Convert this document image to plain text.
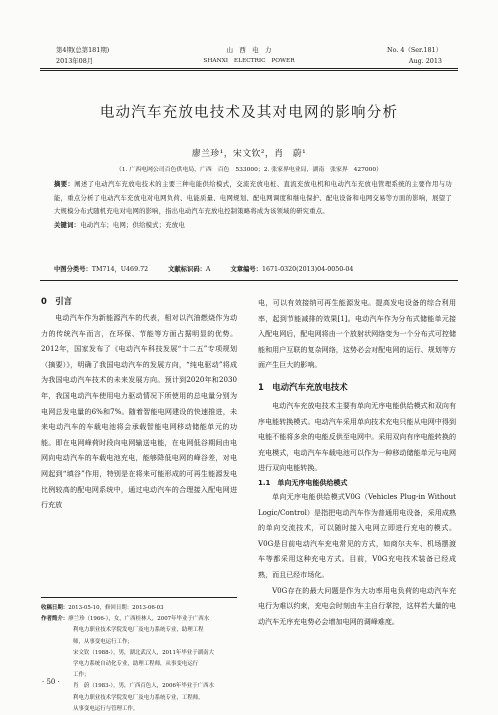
第4期(总第181期)
2013年08月
山　西　电　力
SHANXI　ELECTRIC　POWER
No. 4（Ser.181）
Aug. 2013
电动汽车充放电技术及其对电网的影响分析
廖兰珍¹，宋文钦²，肖　蔚¹
（1. 广西电网公司百色供电局，广西　百色　533000；2. 张家界电业局，湖南　张家界　427000）
摘要：阐述了电动汽车充放电技术的主要三种电能供给模式，交流充放电桩、直流充放电机和电动汽车充放电管理系统的主要作用与功能，重点分析了电动汽车充放电对电网负荷、电能质量、电网规划、配电网调度和继电保护、配电设备和电网交易等方面的影响，展望了大规模分布式随机充电对电网的影响，指出电动汽车充放电控制策略将成为该领域的研究重点。
关键词：电动汽车；电网；供给模式；充放电
中图分类号：TM714，U469.72	文献标识码：A	文章编号：1671-0320(2013)04-0050-04
0　引言

电动汽车作为新能源汽车的代表，相对以汽油燃烧作为动力的传统汽车而言，在环保、节能等方面占据明显的优势。2012年，国家发布了《电动汽车科技发展“十二五”专项规划（摘要）》，明确了我国电动汽车的发展方向，“纯电驱动”将成为我国电动汽车技术的未来发展方向。预计到2020年和2030年，我国电动汽车使用电力驱动情况下所使用的总电量分别为电网总发电量的6%和7%。随着智能电网建设的快速推进，未来电动汽车的车载电池将会承载智能电网移动储能单元的功能。即在电网峰荷时段向电网输送电能，在电网低谷期间由电网向电动汽车的车载电池充电，能够降低电网的峰谷差，对电网起到“填谷”作用，特别是在将来可能形成的可再生能源发电比例较高的配电网系统中，通过电动汽车的合理接入配电网进行充放

收稿日期：2013-05-10，修回日期：2013-06-03
作者简介：廖兰珍（1966-），女，广西桂林人，2007年毕业于广西水
利电力职业技术学院发电厂及电力系统专业，助理工程
师，从事变电运行工作；
宋文钦（1988-），男，湖北武汉人，2011年毕业于湖南大
学电力系统自动化专业，助理工程师，从事变电运行
工作；
肖　蔚（1983-），男，广西百色人，2006年毕业于广西水
利电力职业技术学院发电厂及电力系统专业，工程师，
从事变电运行与管理工作。

电，可以有效接纳可再生能源发电。提高发电设备的综合利用率，起到节能减排的效果[1]。电动汽车作为分布式储能单元接入配电网后，配电网将由一个放射状网络变为一个分布式可控储能和用户互联的复杂网络，这势必会对配电网的运行、规划等方面产生巨大的影响。

1　电动汽车充放电技术

电动汽车充放电技术主要有单向无序电能供给模式和双向有序电能转换模式。电动汽车采用单向技术充电只能从电网中得到电能不能将多余的电能反供至电网中。采用双向有序电能转换的充电模式，电动汽车车载电池可以作为一种移动储能单元与电网进行双向电能转换。

1.1　单向无序电能供给模式

单向无序电能供给模式V0G（Vehicles Plug-in Without Logic/Control）是指把电动汽车作为普通用电设备，采用成熟的单向交流技术，可以随时接入电网立即进行充电的模式。V0G是目前电动汽车充电常见的方式，如商尔夫车、机场摆渡车等都采用这种充电方式。目前，V0G充电技术装备已经成熟，而且已经市场化。

V0G存在的最大问题是作为大功率用电负荷的电动汽车充电行为难以约束，充电会时刻由车主自行掌控，这样若大量的电动汽车无序充电势必会增加电网的调峰难度。

· 50 ·
